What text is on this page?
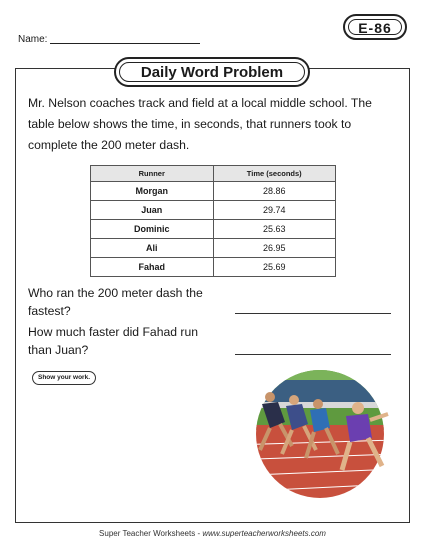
Name:
E-86
Daily Word Problem
Mr. Nelson coaches track and field at a local middle school. The table below shows the time, in seconds, that runners took to complete the 200 meter dash.
Runner	Time (seconds)
Morgan	28.86
Juan	29.74
Dominic	25.63
Ali	26.95
Fahad	25.69
Who ran the 200 meter dash the fastest?
How much faster did Fahad run than Juan?
Show your work.
Super Teacher Worksheets - www.superteacherworksheets.com
